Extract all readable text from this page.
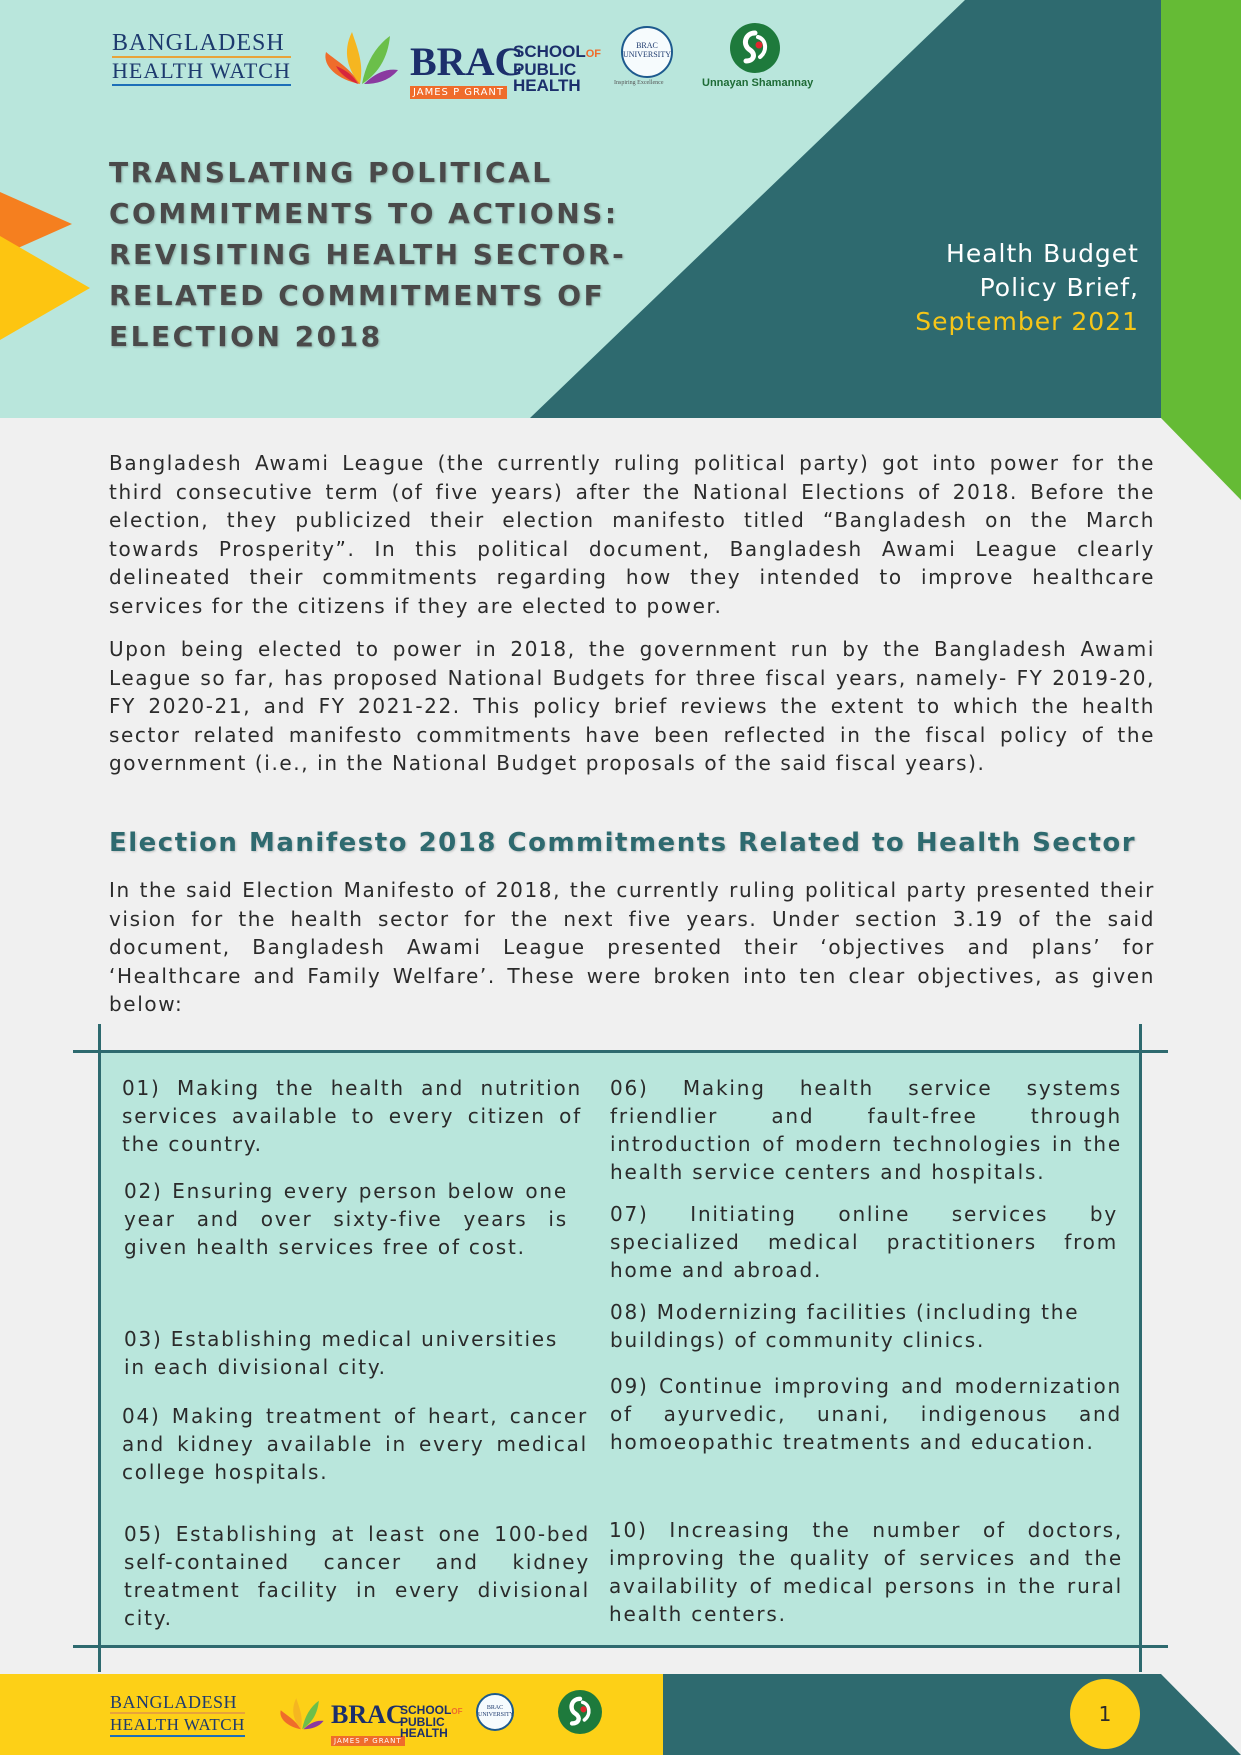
BANGLADESH
HEALTH WATCH	BRAC
JAMES P GRANT
SCHOOLOF
PUBLIC
HEALTH
BRAC UNIVERSITY
Inspiring Excellence	Unnayan Shamannay
TRANSLATING POLITICAL
COMMITMENTS TO ACTIONS:
REVISITING HEALTH SECTOR-
RELATED COMMITMENTS OF
ELECTION 2018
Health Budget
Policy Brief,
September 2021

Bangladesh Awami League (the currently ruling political party) got into power for the third consecutive term (of five years) after the National Elections of 2018. Before the election, they publicized their election manifesto titled “Bangladesh on the March towards Prosperity”. In this political document, Bangladesh Awami League clearly delineated their commitments regarding how they intended to improve healthcare services for the citizens if they are elected to power.

Upon being elected to power in 2018, the government run by the Bangladesh Awami League so far, has proposed National Budgets for three fiscal years, namely- FY 2019-20, FY 2020-21, and FY 2021-22. This policy brief reviews the extent to which the health sector related manifesto commitments have been reflected in the fiscal policy of the government (i.e., in the National Budget proposals of the said fiscal years).

Election Manifesto 2018 Commitments Related to Health Sector

In the said Election Manifesto of 2018, the currently ruling political party presented their vision for the health sector for the next five years. Under section 3.19 of the said document, Bangladesh Awami League presented their ‘objectives and plans’ for ‘Healthcare and Family Welfare’. These were broken into ten clear objectives, as given below:

01) Making the health and nutrition services available to every citizen of the country.

02) Ensuring every person below one year and over sixty-five years is given health services free of cost.

03) Establishing medical universities in each divisional city.

04) Making treatment of heart, cancer and kidney available in every medical college hospitals.

05) Establishing at least one 100-bed self-contained cancer and kidney treatment facility in every divisional city.

06) Making health service systems friendlier and fault-free through introduction of modern technologies in the health service centers and hospitals.

07) Initiating online services by specialized medical practitioners from home and abroad.

08) Modernizing facilities (including the buildings) of community clinics.

09) Continue improving and modernization of ayurvedic, unani, indigenous and homoeopathic treatments and education.

10) Increasing the number of doctors, improving the quality of services and the availability of medical persons in the rural health centers.

BANGLADESH
HEALTH WATCH	BRAC
JAMES P GRANT
SCHOOLOF
PUBLIC
HEALTH
BRAC UNIVERSITY	1
